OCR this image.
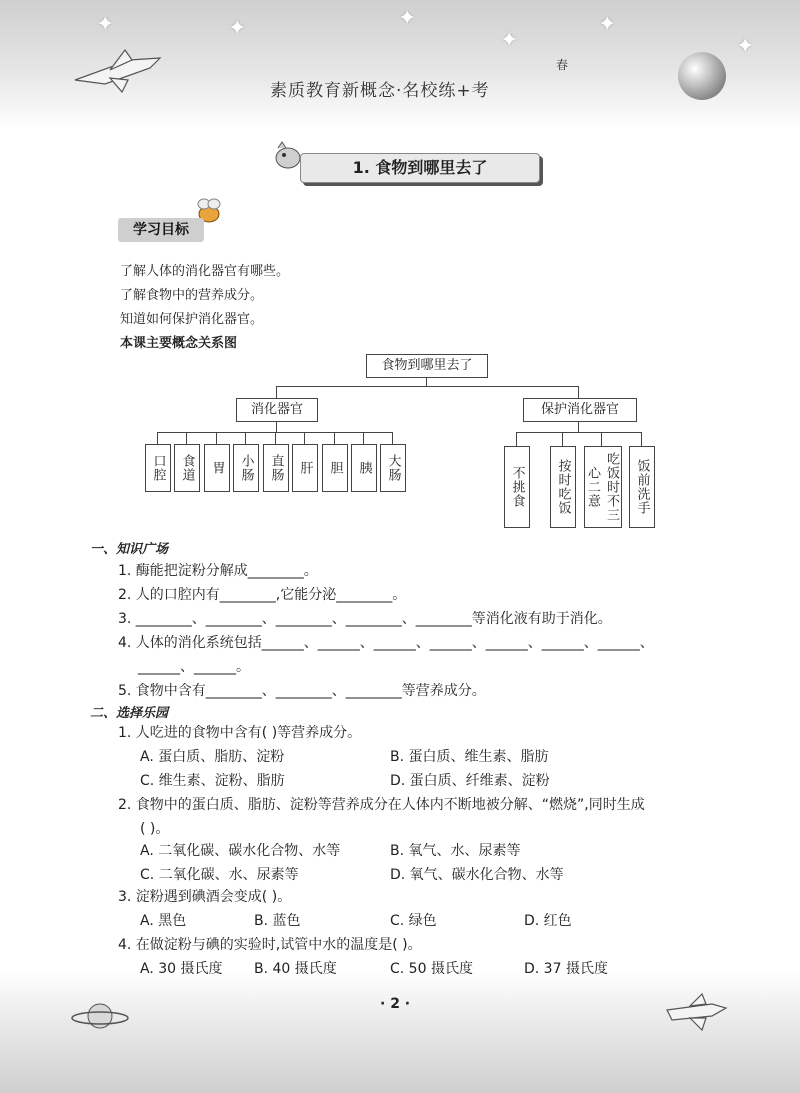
✦	✦	✦
✦
✦
✦
素质教育新概念·名校练+考
春
1. 食物到哪里去了
学习目标
了解人体的消化器官有哪些。
了解食物中的营养成分。
知道如何保护消化器官。
本课主要概念关系图
食物到哪里去了
消化器官	保护消化器官
口腔	食道	胃	小肠	直肠	肝	胆	胰	大肠	不挑食	按时吃饭	吃饭时不三心二意	饭前洗手
一、知识广场
1. 酶能把淀粉分解成________。
2. 人的口腔内有________,它能分泌________。
3. ________、________、________、________、________等消化液有助于消化。
4. 人体的消化系统包括______、______、______、______、______、______、______、
______、______。
5. 食物中含有________、________、________等营养成分。
二、选择乐园
1. 人吃进的食物中含有( )等营养成分。
A. 蛋白质、脂肪、淀粉	B. 蛋白质、维生素、脂肪
C. 维生素、淀粉、脂肪	D. 蛋白质、纤维素、淀粉
2. 食物中的蛋白质、脂肪、淀粉等营养成分在人体内不断地被分解、“燃烧”,同时生成
( )。
A. 二氧化碳、碳水化合物、水等	B. 氧气、水、尿素等
C. 二氧化碳、水、尿素等	D. 氧气、碳水化合物、水等
3. 淀粉遇到碘酒会变成( )。
A. 黑色	B. 蓝色	C. 绿色	D. 红色
4. 在做淀粉与碘的实验时,试管中水的温度是( )。
A. 30 摄氏度 B. 40 摄氏度	C. 50 摄氏度	D. 37 摄氏度
· 2 ·
